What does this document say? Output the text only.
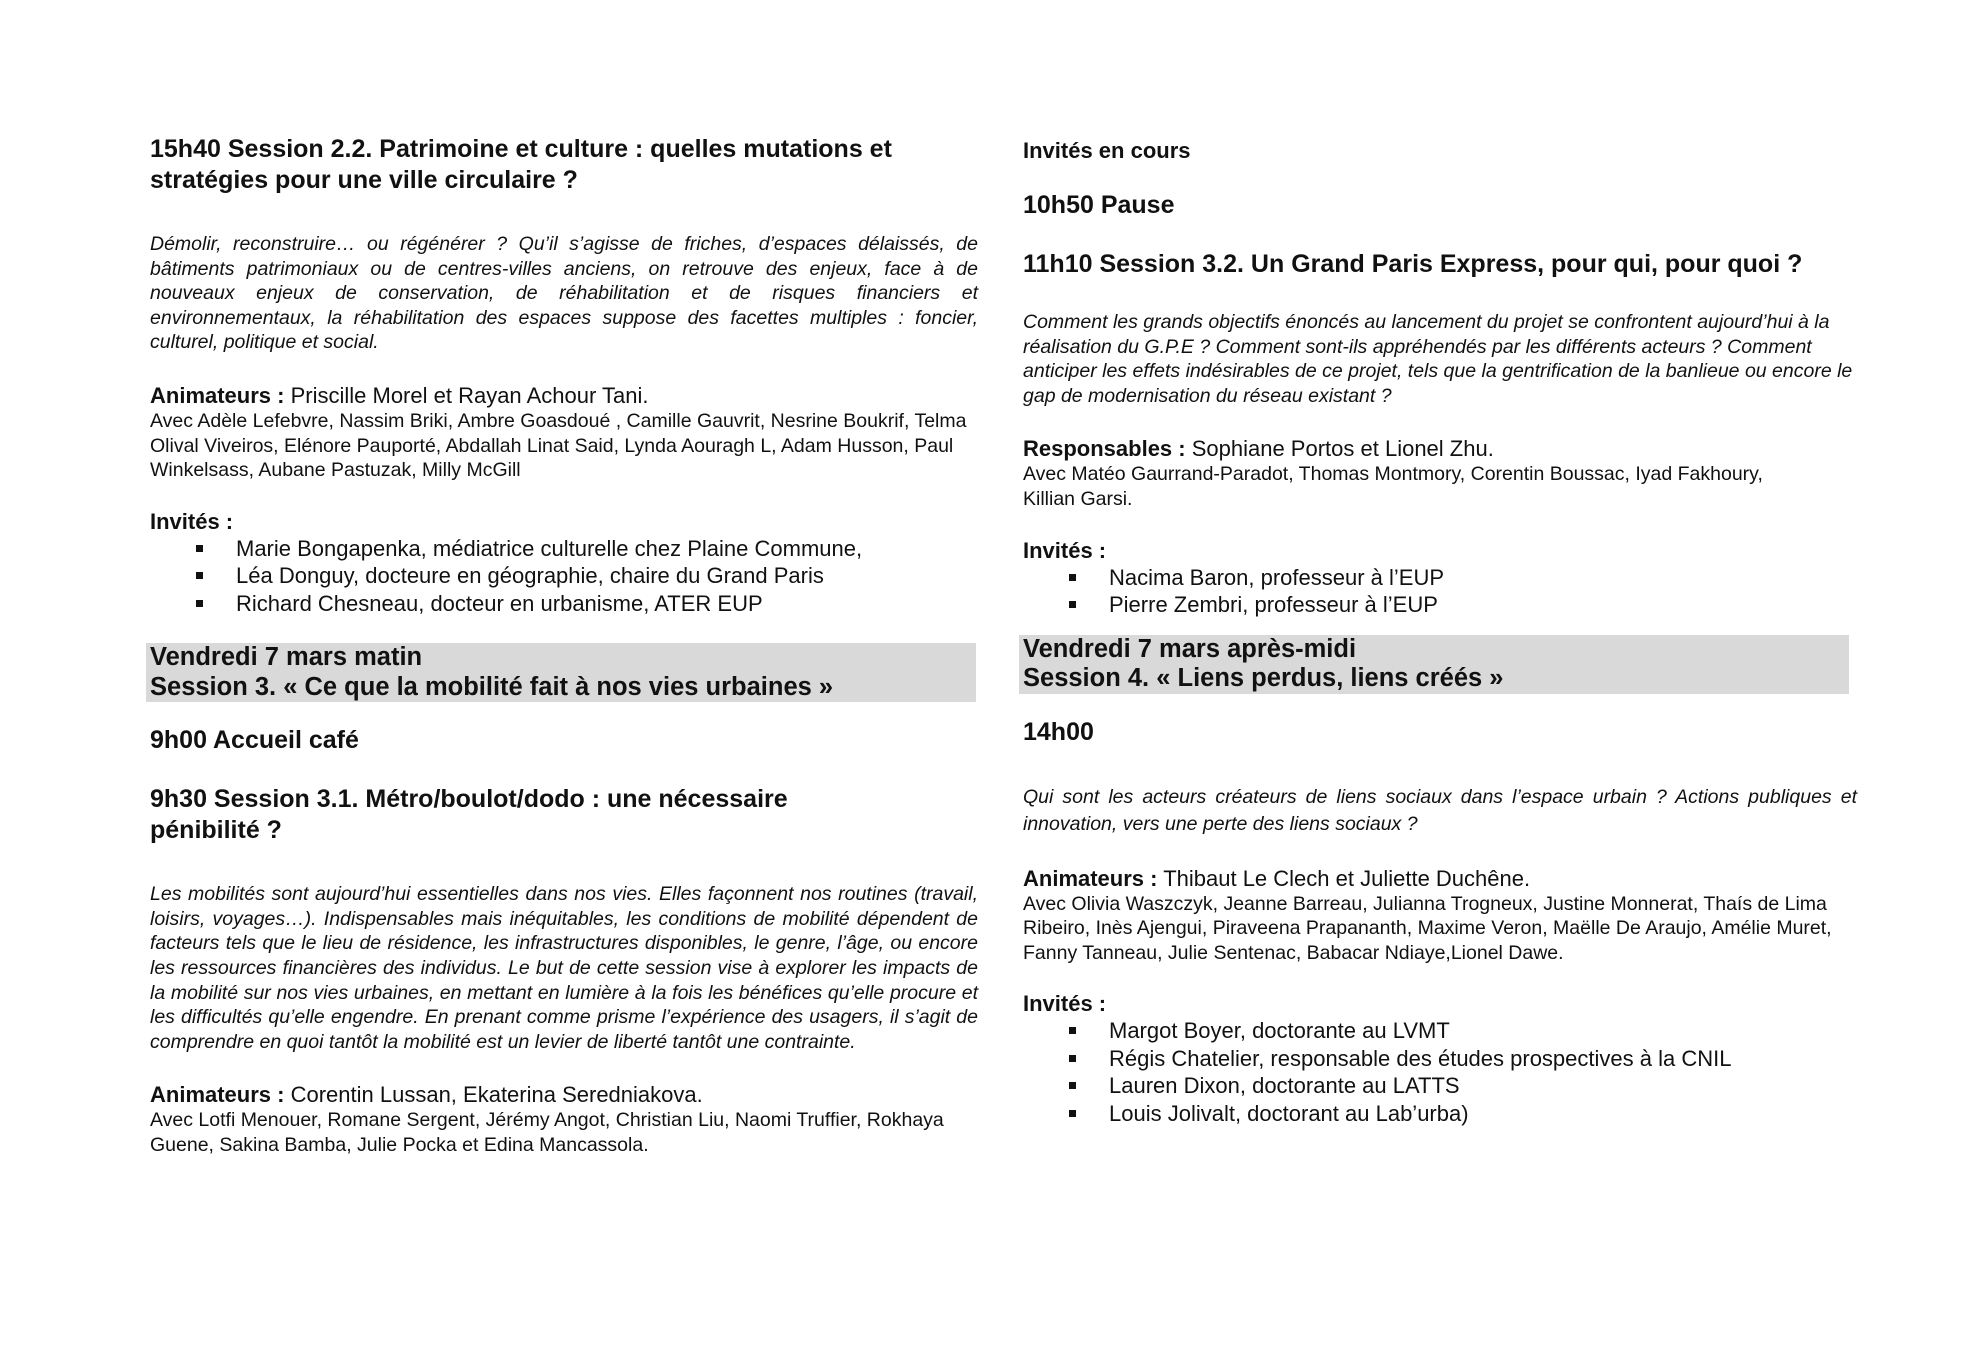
15h40 Session 2.2. Patrimoine et culture : quelles mutations et stratégies pour une ville circulaire ?

Démolir, reconstruire… ou régénérer ? Qu’il s’agisse de friches, d’espaces délaissés, de bâtiments patrimoniaux ou de centres-villes anciens, on retrouve des enjeux, face à de nouveaux enjeux de conservation, de réhabilitation et de risques financiers et environnementaux, la réhabilitation des espaces suppose des facettes multiples : foncier, culturel, politique et social.

Animateurs : Priscille Morel et Rayan Achour Tani.

Avec Adèle Lefebvre, Nassim Briki, Ambre Goasdoué , Camille Gauvrit, Nesrine Boukrif, Telma Olival Viveiros, Elénore Pauporté, Abdallah Linat Said, Lynda Aouragh L, Adam Husson, Paul Winkelsass, Aubane Pastuzak, Milly McGill

Invités :

Marie Bongapenka, médiatrice culturelle chez Plaine Commune,
Léa Donguy, docteure en géographie, chaire du Grand Paris
Richard Chesneau, docteur en urbanisme, ATER EUP

Vendredi 7 mars matin

Session 3. « Ce que la mobilité fait à nos vies urbaines »

9h00 Accueil café

9h30 Session 3.1. Métro/boulot/dodo : une nécessaire pénibilité ?

Les mobilités sont aujourd’hui essentielles dans nos vies. Elles façonnent nos routines (travail, loisirs, voyages…). Indispensables mais inéquitables, les conditions de mobilité dépendent de facteurs tels que le lieu de résidence, les infrastructures disponibles, le genre, l’âge, ou encore les ressources financières des individus. Le but de cette session vise à explorer les impacts de la mobilité sur nos vies urbaines, en mettant en lumière à la fois les bénéfices qu’elle procure et les difficultés qu’elle engendre. En prenant comme prisme l’expérience des usagers, il s’agit de comprendre en quoi tantôt la mobilité est un levier de liberté tantôt une contrainte.

Animateurs : Corentin Lussan, Ekaterina Seredniakova.

Avec Lotfi Menouer, Romane Sergent, Jérémy Angot, Christian Liu, Naomi Truffier, Rokhaya Guene, Sakina Bamba, Julie Pocka et Edina Mancassola.

Invités en cours

10h50 Pause

11h10 Session 3.2. Un Grand Paris Express, pour qui, pour quoi ?

Comment les grands objectifs énoncés au lancement du projet se confrontent aujourd’hui à la réalisation du G.P.E ? Comment sont-ils appréhendés par les différents acteurs ? Comment anticiper les effets indésirables de ce projet, tels que la gentrification de la banlieue ou encore le gap de modernisation du réseau existant ?

Responsables : Sophiane Portos et Lionel Zhu.

Avec Matéo Gaurrand-Paradot, Thomas Montmory, Corentin Boussac, Iyad Fakhoury, Killian Garsi.

Invités :

Nacima Baron, professeur à l’EUP
Pierre Zembri, professeur à l’EUP

Vendredi 7 mars après-midi

Session 4. « Liens perdus, liens créés »

14h00

Qui sont les acteurs créateurs de liens sociaux dans l’espace urbain ? Actions publiques et innovation, vers une perte des liens sociaux ?

Animateurs : Thibaut Le Clech et Juliette Duchêne.

Avec Olivia Waszczyk, Jeanne Barreau, Julianna Trogneux, Justine Monnerat, Thaís de Lima Ribeiro, Inès Ajengui, Piraveena Prapananth, Maxime Veron, Maëlle De Araujo, Amélie Muret, Fanny Tanneau, Julie Sentenac, Babacar Ndiaye,Lionel Dawe.

Invités :

Margot Boyer, doctorante au LVMT
Régis Chatelier, responsable des études prospectives à la CNIL
Lauren Dixon, doctorante au LATTS
Louis Jolivalt, doctorant au Lab’urba)
